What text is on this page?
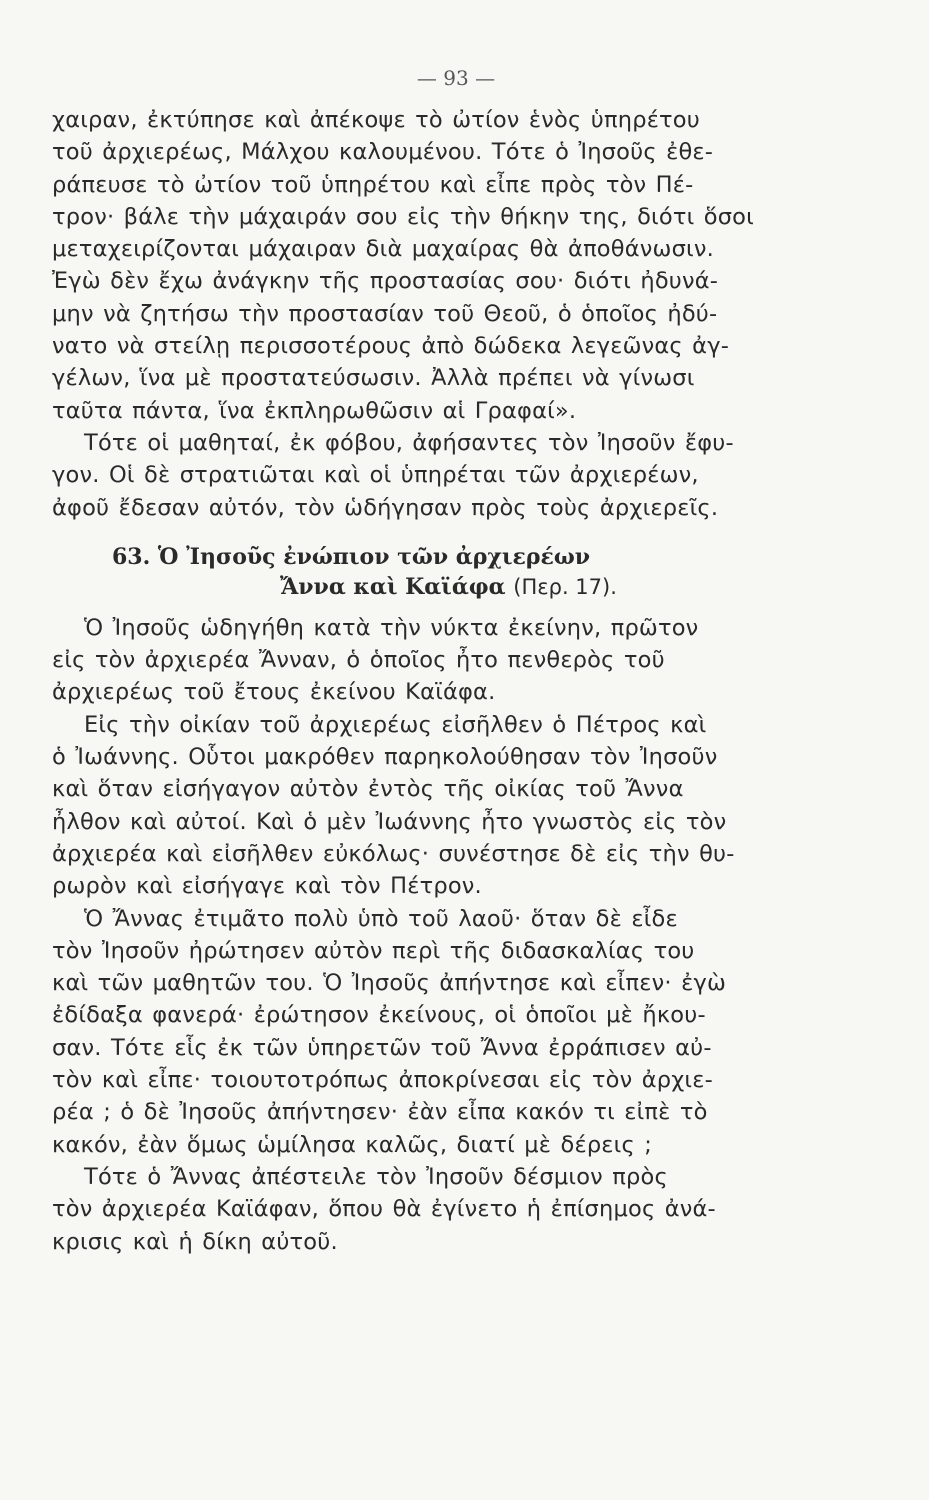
— 93 —
χαιραν, ἐκτύπησε καὶ ἀπέκοψε τὸ ὠτίον ἑνὸς ὑπηρέτου
τοῦ ἀρχιερέως, Μάλχου καλουμένου. Τότε ὁ Ἰησοῦς ἐθε-
ράπευσε τὸ ὠτίον τοῦ ὑπηρέτου καὶ εἶπε πρὸς τὸν Πέ-
τρον· βάλε τὴν μάχαιράν σου εἰς τὴν θήκην της, διότι ὅσοι
μεταχειρίζονται μάχαιραν διὰ μαχαίρας θὰ ἀποθάνωσιν.
Ἐγὼ δὲν ἔχω ἀνάγκην τῆς προστασίας σου· διότι ἠδυνά-
μην νὰ ζητήσω τὴν προστασίαν τοῦ Θεοῦ, ὁ ὁποῖος ἠδύ-
νατο νὰ στείλῃ περισσοτέρους ἀπὸ δώδεκα λεγεῶνας ἀγ-
γέλων, ἵνα μὲ προστατεύσωσιν. Ἀλλὰ πρέπει νὰ γίνωσι
ταῦτα πάντα, ἵνα ἐκπληρωθῶσιν αἱ Γραφαί».
Τότε οἱ μαθηταί, ἐκ φόβου, ἀφήσαντες τὸν Ἰησοῦν ἔφυ-
γον. Οἱ δὲ στρατιῶται καὶ οἱ ὑπηρέται τῶν ἀρχιερέων,
ἀφοῦ ἔδεσαν αὐτόν, τὸν ὡδήγησαν πρὸς τοὺς ἀρχιερεῖς.
63. Ὁ Ἰησοῦς ἐνώπιον τῶν ἀρχιερέων
Ἄννα καὶ Καϊάφα (Περ. 17).
Ὁ Ἰησοῦς ὡδηγήθη κατὰ τὴν νύκτα ἐκείνην, πρῶτον
εἰς τὸν ἀρχιερέα Ἄνναν, ὁ ὁποῖος ἦτο πενθερὸς τοῦ
ἀρχιερέως τοῦ ἔτους ἐκείνου Καϊάφα.
Εἰς τὴν οἰκίαν τοῦ ἀρχιερέως εἰσῆλθεν ὁ Πέτρος καὶ
ὁ Ἰωάννης. Οὗτοι μακρόθεν παρηκολούθησαν τὸν Ἰησοῦν
καὶ ὅταν εἰσήγαγον αὐτὸν ἐντὸς τῆς οἰκίας τοῦ Ἄννα
ἦλθον καὶ αὐτοί. Καὶ ὁ μὲν Ἰωάννης ἦτο γνωστὸς εἰς τὸν
ἀρχιερέα καὶ εἰσῆλθεν εὐκόλως· συνέστησε δὲ εἰς τὴν θυ-
ρωρὸν καὶ εἰσήγαγε καὶ τὸν Πέτρον.
Ὁ Ἄννας ἐτιμᾶτο πολὺ ὑπὸ τοῦ λαοῦ· ὅταν δὲ εἶδε
τὸν Ἰησοῦν ἠρώτησεν αὐτὸν περὶ τῆς διδασκαλίας του
καὶ τῶν μαθητῶν του. Ὁ Ἰησοῦς ἀπήντησε καὶ εἶπεν· ἐγὼ
ἐδίδαξα φανερά· ἐρώτησον ἐκείνους, οἱ ὁποῖοι μὲ ἤκου-
σαν. Τότε εἷς ἐκ τῶν ὑπηρετῶν τοῦ Ἄννα ἐρράπισεν αὐ-
τὸν καὶ εἶπε· τοιουτοτρόπως ἀποκρίνεσαι εἰς τὸν ἀρχιε-
ρέα ; ὁ δὲ Ἰησοῦς ἀπήντησεν· ἐὰν εἶπα κακόν τι εἰπὲ τὸ
κακόν, ἐὰν ὅμως ὡμίλησα καλῶς, διατί μὲ δέρεις ;
Τότε ὁ Ἄννας ἀπέστειλε τὸν Ἰησοῦν δέσμιον πρὸς
τὸν ἀρχιερέα Καϊάφαν, ὅπου θὰ ἐγίνετο ἡ ἐπίσημος ἀνά-
κρισις καὶ ἡ δίκη αὐτοῦ.
